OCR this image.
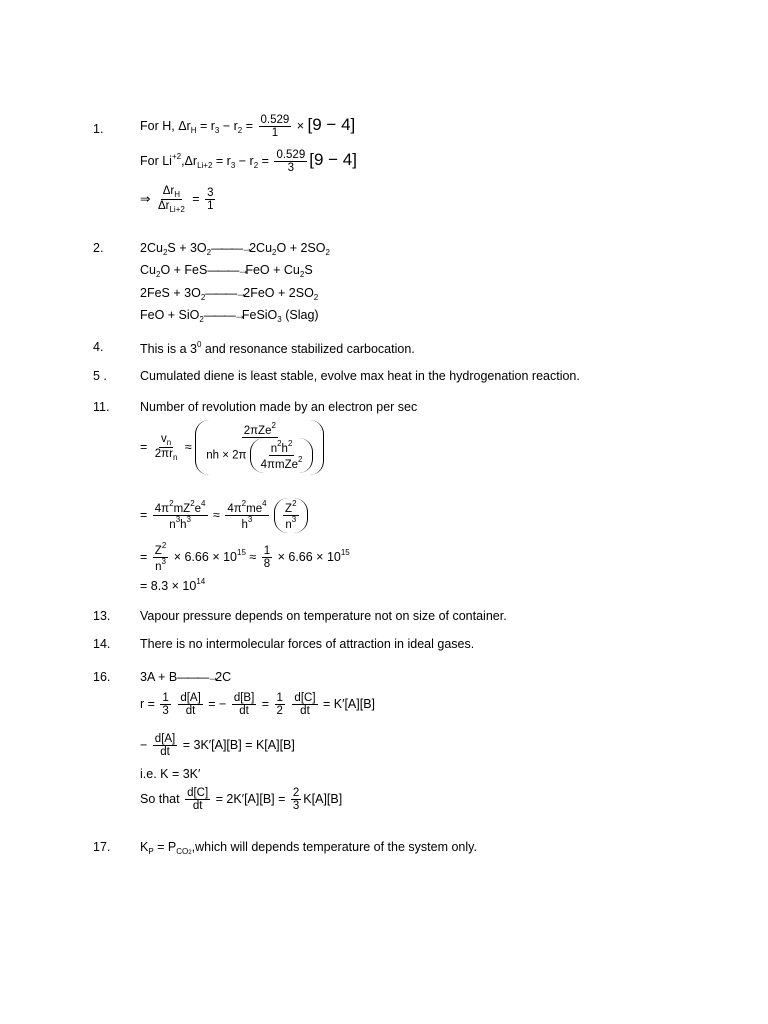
1.	For H, $\Delta r_H = r_3 - r_2 = \frac{0.529}{1} \times [9 - 4]$
For $Li^{+2},\Delta r_{Li+2} = r_3 - r_2 = \frac{0.529}{3} [9 - 4]$
⇒ $\frac{\Delta r_H}{\Delta r_{Li+2}} = \frac{3}{1}$
2.	$2Cu_2S$ + $3O_2———\to 2Cu_2O + 2SO_2$
$Cu_2O$ + FeS———→FeO + $Cu_2S$
$2FeS + 3O_2———\to 2FeO + 2SO_2$
FeO + SiO$_2$———→FeSiO$_3$ (Slag)
4.	This is a $3^0$ and resonance stabilized carbocation.
5 .	Cumulated diene is least stable, evolve max heat in the hydrogenation reaction.
11. Number of revolution made by an electron per sec
= $\frac{v_n}{2\pi r_n} \approx \frac{2\pi Ze^2}{nh \times 2\pi \frac{n^2h^2}{4\pi mZe^2}}$
= $\frac{4\pi^2mZ^2e^4}{n^3h^3} \approx \frac{4\pi^2me^4}{h^3}$
$\frac{Z^2}{n^3}$
= $\frac{Z^2}{n^3} \times 6.66 \times 10^{15} \approx \frac{1}{8} \times 6.66 \times 10^{15}$
= $8.3 \times 10^{14}$
13. Vapour pressure depends on temperature not on size of container.
14. There is no intermolecular forces of attraction in ideal gases.
16. 3A + B———→2C
$r = \frac{1}{3}$
$\frac{d[A]}{dt}$ = − $\frac{d[B]}{dt} = \frac{1}{2}$
$\frac{d[C]}{dt} = K'[A][B]$
− $\frac{d[A]}{dt} = 3K'[A][B] = K[A][B]$
i.e. K = 3K′
So that $\frac{d[C]}{dt} = 2K'[A][B] = \frac{2}{3} K[A][B]$
17. $K_P$ = $P_{CO2},which$ will depends temperature of the system only.
